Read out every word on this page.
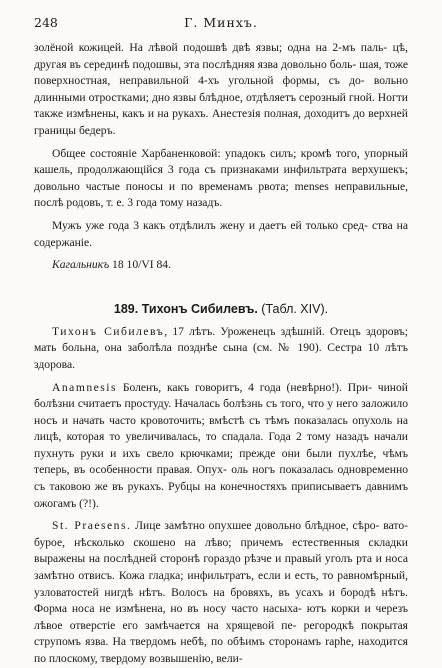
248	Г. Минхъ.

золёной кожицей. На лѣвой подошвѣ двѣ язвы; одна на 2-мъ паль- цѣ, другая въ серединѣ подошвы, эта послѣдняя язва довольно боль- шая, тоже поверхностная, неправильной 4-хъ угольной формы, съ до- вольно длинными отростками; дно язвы блѣдное, отдѣляетъ серозный гной. Ногти также измѣнены, какъ и на рукахъ. Анестезія полная, доходитъ до верхней границы бедеръ.

Общее состояніе Харбаненковой: упадокъ силъ; кромѣ того, упорный кашель, продолжающійся 3 года съ признаками инфильтрата верхушекъ; довольно частые поносы и по временамъ рвота; menses неправильные, послѣ родовъ, т. е. 3 года тому назадъ.

Мужъ уже года 3 какъ отдѣлилъ жену и даетъ ей только сред- ства на содержаніе.

Кагальникъ 18 10/VI 84.

189. Тихонъ Сибилевъ. (Табл. XIV).

Тихонъ Сибилевъ, 17 лѣтъ. Уроженецъ здѣшній. Отецъ здоровъ; мать больна, она заболѣла позднѣе сына (см. № 190). Сестра 10 лѣтъ здорова.

Anamnesis Боленъ, какъ говоритъ, 4 года (невѣрно!). При- чиной болѣзни считаетъ простуду. Началась болѣзнь съ того, что у него заложило носъ и начать часто кровоточить; вмѣстѣ съ тѣмъ показалась опухоль на лицѣ, которая то увеличивалась, то спадала. Года 2 тому назадъ начали пухнуть руки и ихъ свело крючками; прежде они были пухлѣе, чѣмъ теперь, въ особенности правая. Опух- оль ногъ показалась одновременно съ таковою же въ рукахъ. Рубцы на конечностяхъ приписываетъ давнимъ ожогамъ (?!).

St. Praesens. Лице замѣтно опухшее довольно блѣдное, сѣро- вато-бурое, нѣсколько скошено на лѣво; причемъ естественныя складки выражены на послѣдней сторонѣ гораздо рѣзче и правый уголъ рта и носа замѣтно отвисъ. Кожа гладка; инфильтратъ, если и есть, то равномѣрный, узловатостей нигдѣ нѣтъ. Волосъ на бровяхъ, въ усахъ и бородѣ нѣтъ. Форма носа не измѣнена, но въ носу часто насыха- ютъ корки и черезъ лѣвое отверстіе его замѣчается на хрящевой пе- регородкѣ покрытая струпомъ язва. На твердомъ небѣ, по обѣимъ сторонамъ raphe, находится по плоскому, твердому возвышенію, вели-
